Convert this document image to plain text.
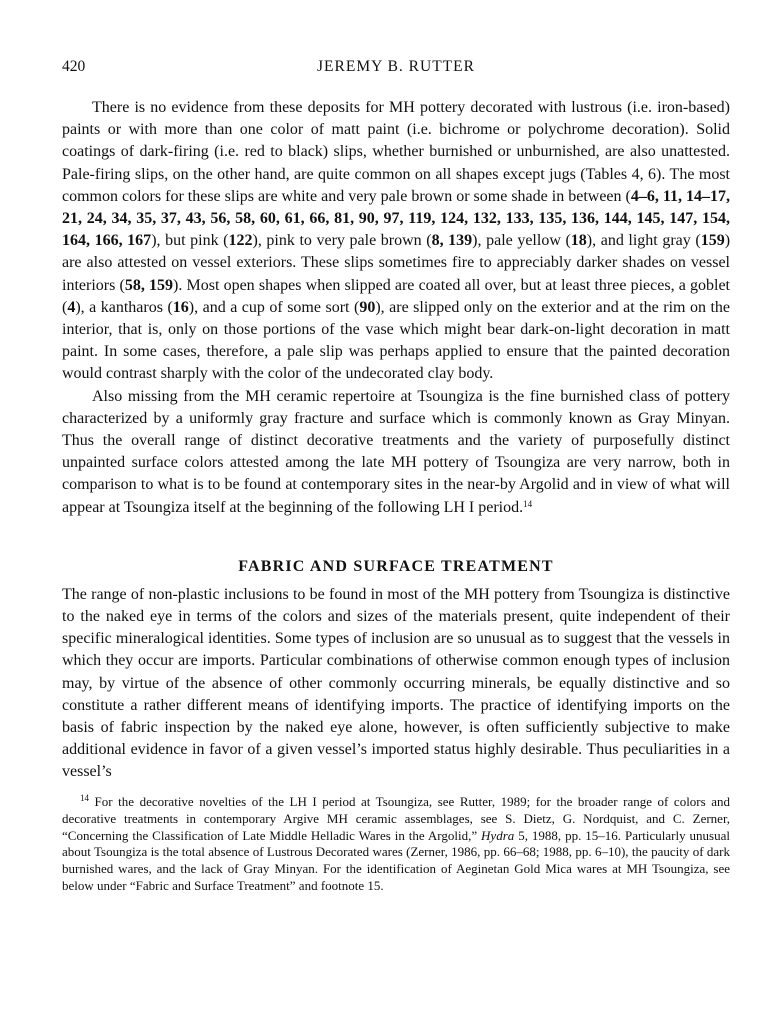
420	JEREMY B. RUTTER

There is no evidence from these deposits for MH pottery decorated with lustrous (i.e. iron-based) paints or with more than one color of matt paint (i.e. bichrome or polychrome decoration). Solid coatings of dark-firing (i.e. red to black) slips, whether burnished or unburnished, are also unattested. Pale-firing slips, on the other hand, are quite common on all shapes except jugs (Tables 4, 6). The most common colors for these slips are white and very pale brown or some shade in between (4–6, 11, 14–17, 21, 24, 34, 35, 37, 43, 56, 58, 60, 61, 66, 81, 90, 97, 119, 124, 132, 133, 135, 136, 144, 145, 147, 154, 164, 166, 167), but pink (122), pink to very pale brown (8, 139), pale yellow (18), and light gray (159) are also attested on vessel exteriors. These slips sometimes fire to appreciably darker shades on vessel interiors (58, 159). Most open shapes when slipped are coated all over, but at least three pieces, a goblet (4), a kantharos (16), and a cup of some sort (90), are slipped only on the exterior and at the rim on the interior, that is, only on those portions of the vase which might bear dark-on-light decoration in matt paint. In some cases, therefore, a pale slip was perhaps applied to ensure that the painted decoration would contrast sharply with the color of the undecorated clay body.

Also missing from the MH ceramic repertoire at Tsoungiza is the fine burnished class of pottery characterized by a uniformly gray fracture and surface which is commonly known as Gray Minyan. Thus the overall range of distinct decorative treatments and the variety of purposefully distinct unpainted surface colors attested among the late MH pottery of Tsoungiza are very narrow, both in comparison to what is to be found at contemporary sites in the near-by Argolid and in view of what will appear at Tsoungiza itself at the beginning of the following LH I period.$^{14}$

FABRIC AND SURFACE TREATMENT

The range of non-plastic inclusions to be found in most of the MH pottery from Tsoungiza is distinctive to the naked eye in terms of the colors and sizes of the materials present, quite independent of their specific mineralogical identities. Some types of inclusion are so unusual as to suggest that the vessels in which they occur are imports. Particular combinations of otherwise common enough types of inclusion may, by virtue of the absence of other commonly occurring minerals, be equally distinctive and so constitute a rather different means of identifying imports. The practice of identifying imports on the basis of fabric inspection by the naked eye alone, however, is often sufficiently subjective to make additional evidence in favor of a given vessel’s imported status highly desirable. Thus peculiarities in a vessel’s

$^{14}$ For the decorative novelties of the LH I period at Tsoungiza, see Rutter, 1989; for the broader range of colors and decorative treatments in contemporary Argive MH ceramic assemblages, see S. Dietz, G. Nordquist, and C. Zerner, “Concerning the Classification of Late Middle Helladic Wares in the Argolid,” Hydra 5, 1988, pp. 15–16. Particularly unusual about Tsoungiza is the total absence of Lustrous Decorated wares (Zerner, 1986, pp. 66–68; 1988, pp. 6–10), the paucity of dark burnished wares, and the lack of Gray Minyan. For the identification of Aeginetan Gold Mica wares at MH Tsoungiza, see below under “Fabric and Surface Treatment” and footnote 15.
